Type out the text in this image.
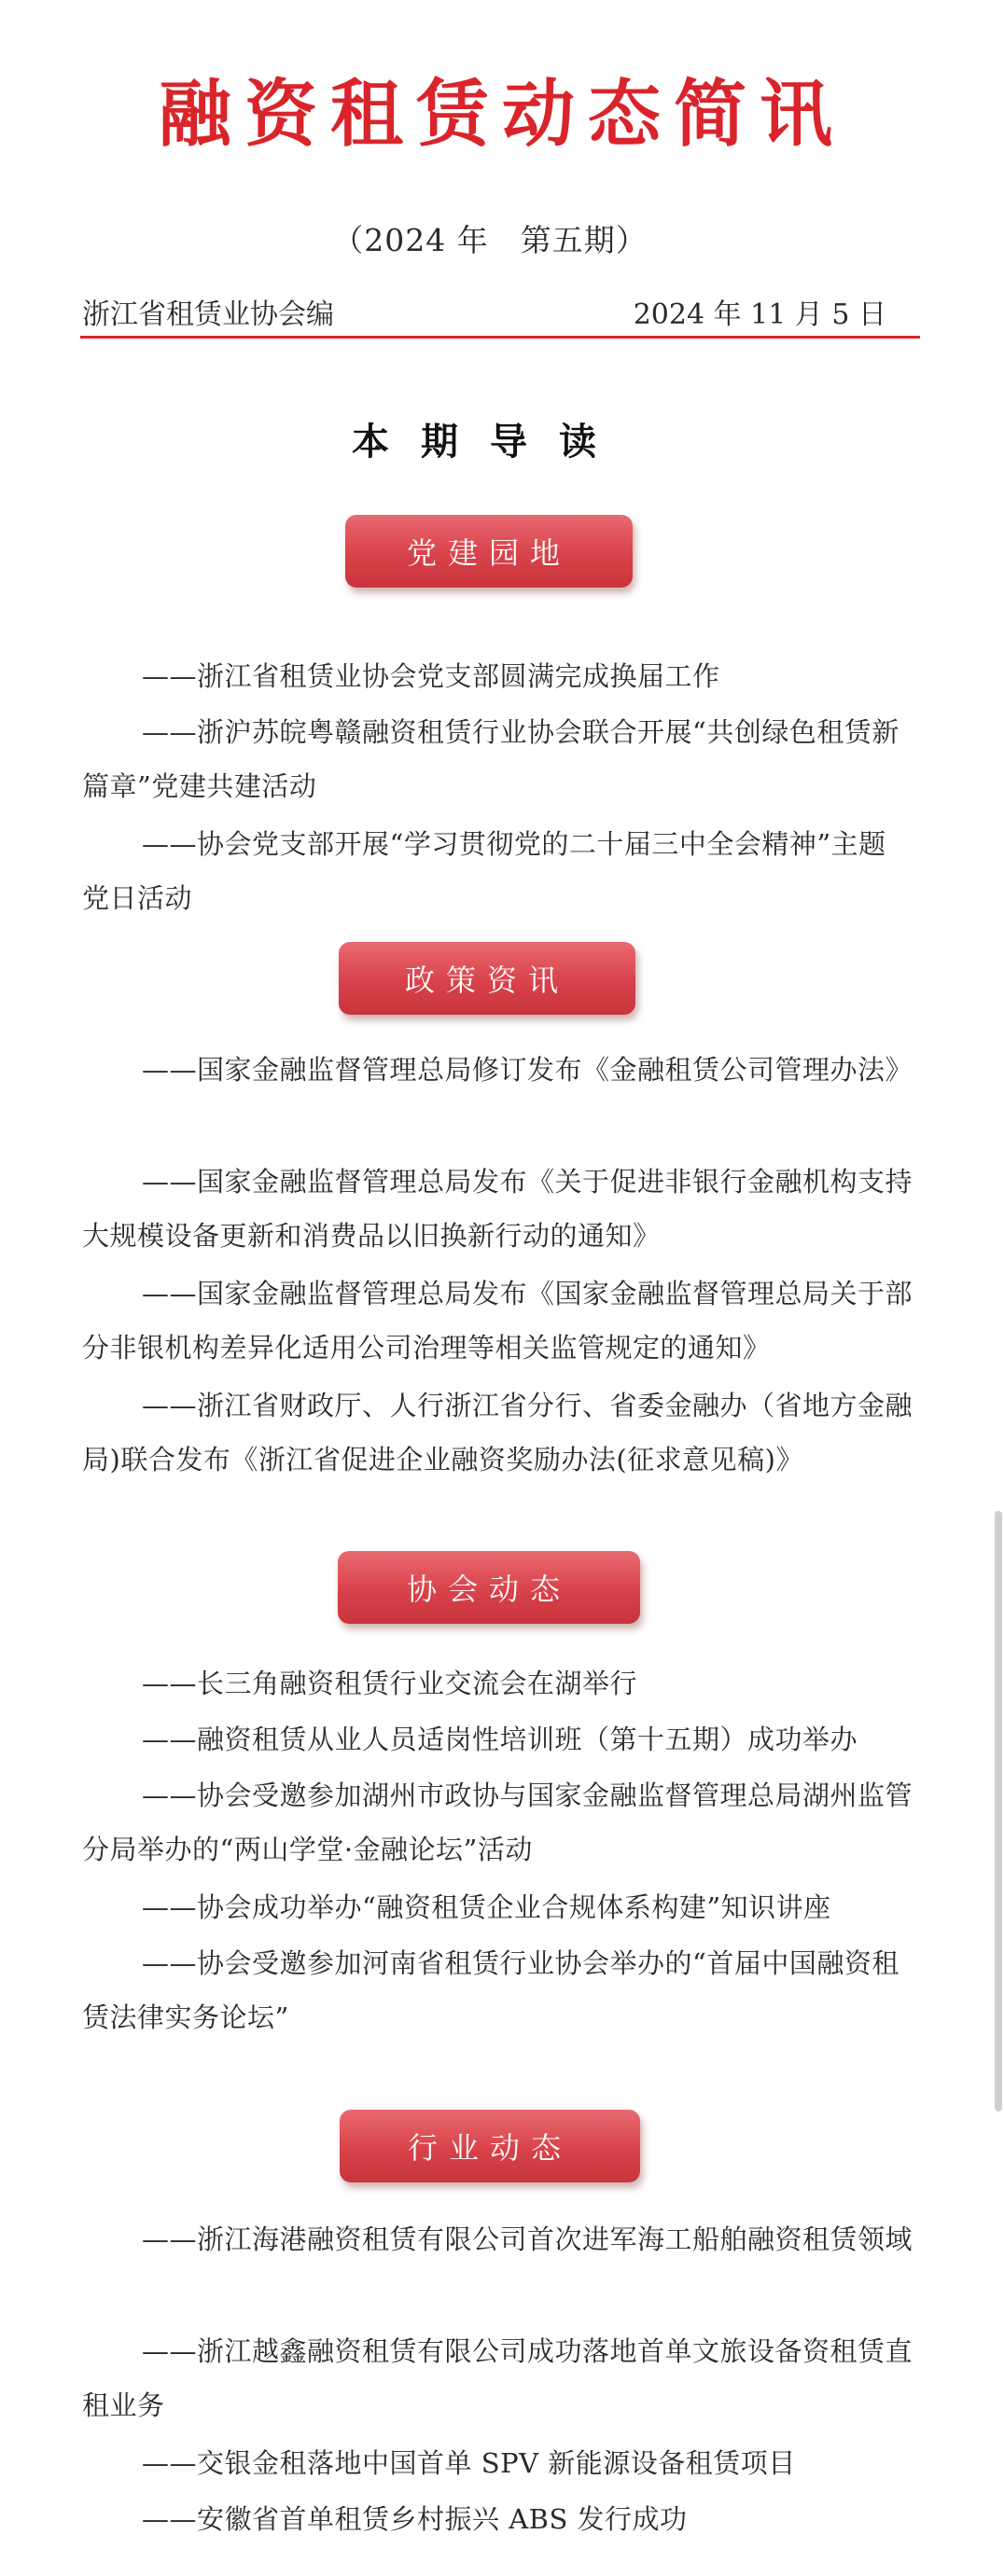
融资租赁动态简讯
（2024 年　第五期）
浙江省租赁业协会编	2024 年 11 月 5 日
本期导读
党建园地

——浙江省租赁业协会党支部圆满完成换届工作

——浙沪苏皖粤赣融资租赁行业协会联合开展“共创绿色租赁新篇章”党建共建活动

——协会党支部开展“学习贯彻党的二十届三中全会精神”主题党日活动

政策资讯

——国家金融监督管理总局修订发布《金融租赁公司管理办法》

——国家金融监督管理总局发布《关于促进非银行金融机构支持大规模设备更新和消费品以旧换新行动的通知》

——国家金融监督管理总局发布《国家金融监督管理总局关于部分非银机构差异化适用公司治理等相关监管规定的通知》

——浙江省财政厅、人行浙江省分行、省委金融办（省地方金融局)联合发布《浙江省促进企业融资奖励办法(征求意见稿)》

协会动态

——长三角融资租赁行业交流会在湖举行

——融资租赁从业人员适岗性培训班（第十五期）成功举办

——协会受邀参加湖州市政协与国家金融监督管理总局湖州监管分局举办的“两山学堂·金融论坛”活动

——协会成功举办“融资租赁企业合规体系构建”知识讲座

——协会受邀参加河南省租赁行业协会举办的“首届中国融资租赁法律实务论坛”

行业动态

——浙江海港融资租赁有限公司首次进军海工船舶融资租赁领域

——浙江越鑫融资租赁有限公司成功落地首单文旅设备资租赁直租业务

——交银金租落地中国首单 SPV 新能源设备租赁项目

——安徽省首单租赁乡村振兴 ABS 发行成功
